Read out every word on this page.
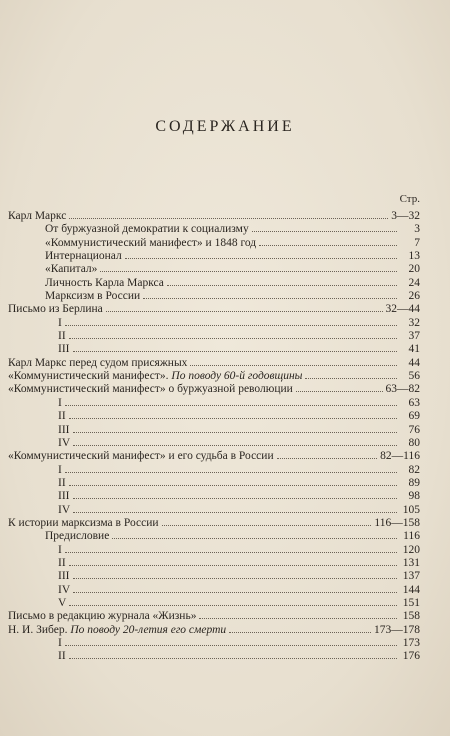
СОДЕРЖАНИЕ
Стр.
Карл Маркс	3—32
От буржуазной демократии к социализму	3
«Коммунистический манифест» и 1848 год	7
Интернационал	13
«Капитал»	20
Личность Карла Маркса	24
Марксизм в России	26
Письмо из Берлина	32—44
I	32
II	37
III	41
Карл Маркс перед судом присяжных	44
«Коммунистический манифест». По поводу 60-й годовщины	56
«Коммунистический манифест» о буржуазной революции	63—82
I	63
II	69
III	76
IV	80
«Коммунистический манифест» и его судьба в России	82—116
I	82
II	89
III	98
IV	105
К истории марксизма в России	116—158
Предисловие	116
I	120
II	131
III	137
IV	144
V	151
Письмо в редакцию журнала «Жизнь»	158
Н. И. Зибер. По поводу 20-летия его смерти	173—178
I	173
II	176
